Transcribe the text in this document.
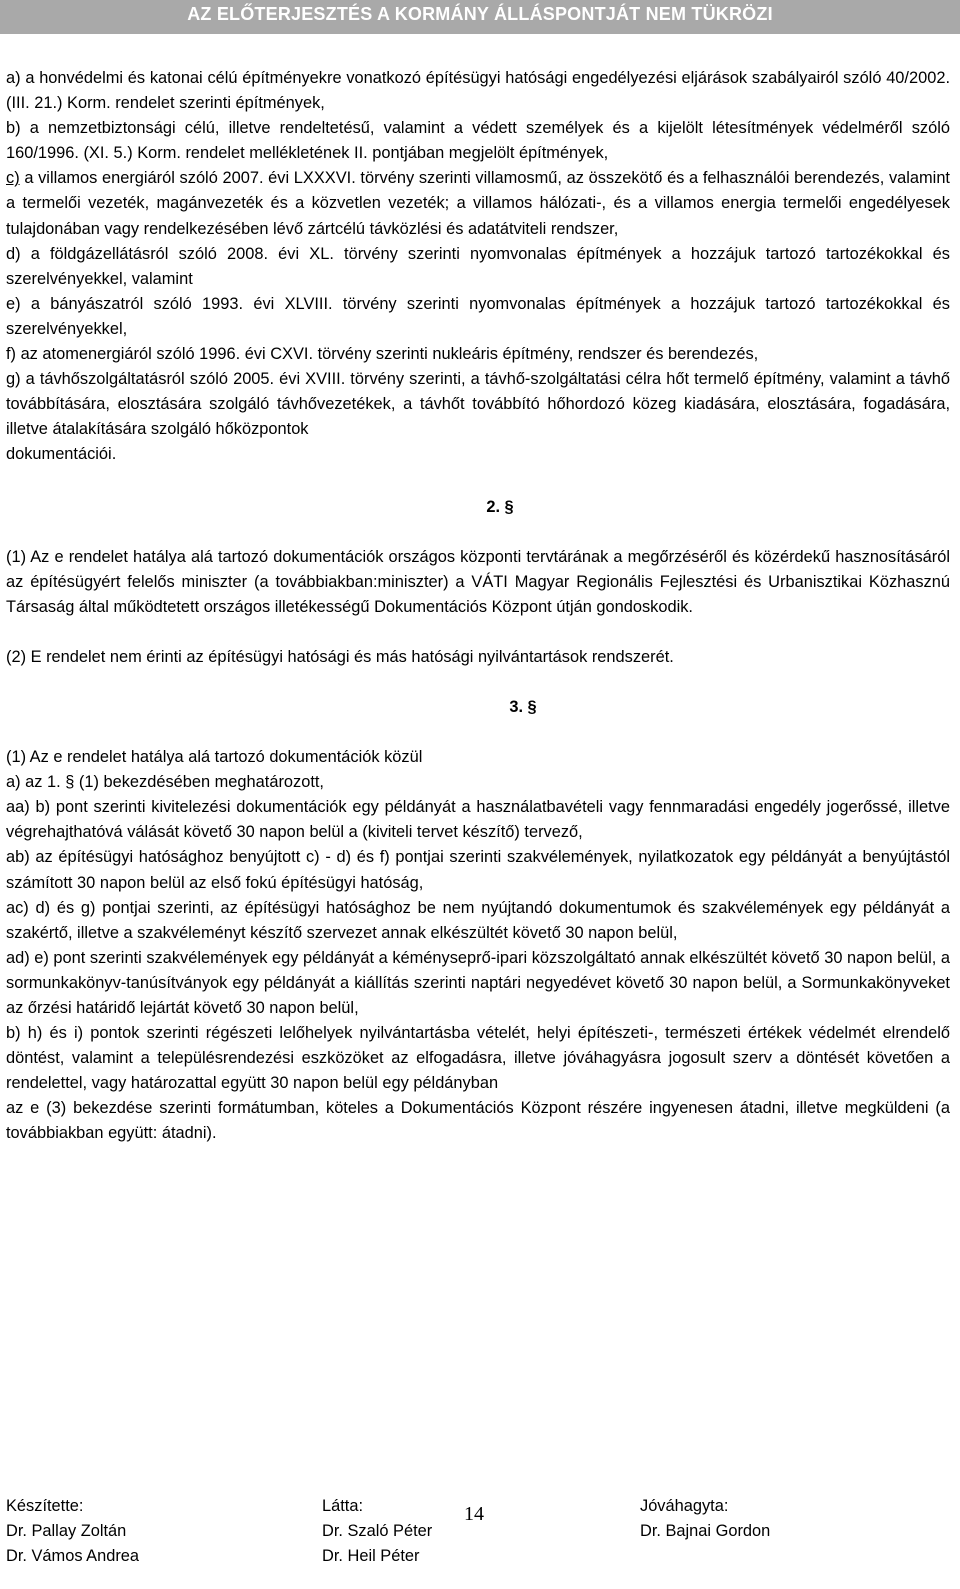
AZ ELŐTERJESZTÉS A KORMÁNY ÁLLÁSPONTJÁT NEM TÜKRÖZI

a) a honvédelmi és katonai célú építményekre vonatkozó építésügyi hatósági engedélyezési eljárások szabályairól szóló 40/2002. (III. 21.) Korm. rendelet szerinti építmények,

b) a nemzetbiztonsági célú, illetve rendeltetésű, valamint a védett személyek és a kijelölt létesítmények védelméről szóló 160/1996. (XI. 5.) Korm. rendelet mellékletének II. pontjában megjelölt építmények,

c) a villamos energiáról szóló 2007. évi LXXXVI. törvény szerinti villamosmű, az összekötő és a felhasználói berendezés, valamint a termelői vezeték, magánvezeték és a közvetlen vezeték; a villamos hálózati-, és a villamos energia termelői engedélyesek tulajdonában vagy rendelkezésében lévő zártcélú távközlési és adatátviteli rendszer,

d) a földgázellátásról szóló 2008. évi XL. törvény szerinti nyomvonalas építmények a hozzájuk tartozó tartozékokkal és szerelvényekkel, valamint

e) a bányászatról szóló 1993. évi XLVIII. törvény szerinti nyomvonalas építmények a hozzájuk tartozó tartozékokkal és szerelvényekkel,

f) az atomenergiáról szóló 1996. évi CXVI. törvény szerinti nukleáris építmény, rendszer és berendezés,

g) a távhőszolgáltatásról szóló 2005. évi XVIII. törvény szerinti, a távhő-szolgáltatási célra hőt termelő építmény, valamint a távhő továbbítására, elosztására szolgáló távhővezetékek, a távhőt továbbító hőhordozó közeg kiadására, elosztására, fogadására, illetve átalakítására szolgáló hőközpontok

dokumentációi.

2. §

(1) Az e rendelet hatálya alá tartozó dokumentációk országos központi tervtárának a megőrzéséről és közérdekű hasznosításáról az építésügyért felelős miniszter (a továbbiakban:miniszter) a VÁTI Magyar Regionális Fejlesztési és Urbanisztikai Közhasznú Társaság által működtetett országos illetékességű Dokumentációs Központ útján gondoskodik.

(2) E rendelet nem érinti az építésügyi hatósági és más hatósági nyilvántartások rendszerét.

3. §

(1) Az e rendelet hatálya alá tartozó dokumentációk közül

a) az 1. § (1) bekezdésében meghatározott,

aa) b) pont szerinti kivitelezési dokumentációk egy példányát a használatbavételi vagy fennmaradási engedély jogerőssé, illetve végrehajthatóvá válását követő 30 napon belül a (kiviteli tervet készítő) tervező,

ab) az építésügyi hatósághoz benyújtott c) - d) és f) pontjai szerinti szakvélemények, nyilatkozatok egy példányát a benyújtástól számított 30 napon belül az első fokú építésügyi hatóság,

ac) d) és g) pontjai szerinti, az építésügyi hatósághoz be nem nyújtandó dokumentumok és szakvélemények egy példányát a szakértő, illetve a szakvéleményt készítő szervezet annak elkészültét követő 30 napon belül,

ad) e) pont szerinti szakvélemények egy példányát a kéményseprő-ipari közszolgáltató annak elkészültét követő 30 napon belül, a sormunkakönyv-tanúsítványok egy példányát a kiállítás szerinti naptári negyedévet követő 30 napon belül, a Sormunkakönyveket az őrzési határidő lejártát követő 30 napon belül,

b) h) és i) pontok szerinti régészeti lelőhelyek nyilvántartásba vételét, helyi építészeti-, természeti értékek védelmét elrendelő döntést, valamint a településrendezési eszközöket az elfogadásra, illetve jóváhagyásra jogosult szerv a döntését követően a rendelettel, vagy határozattal együtt 30 napon belül egy példányban

az e (3) bekezdése szerinti formátumban, köteles a Dokumentációs Központ részére ingyenesen átadni, illetve megküldeni (a továbbiakban együtt: átadni).

Készítette:
Dr. Pallay Zoltán
Dr. Vámos Andrea
Látta:
Dr. Szaló Péter
Dr. Heil Péter
Jóváhagyta:
Dr. Bajnai Gordon
14
